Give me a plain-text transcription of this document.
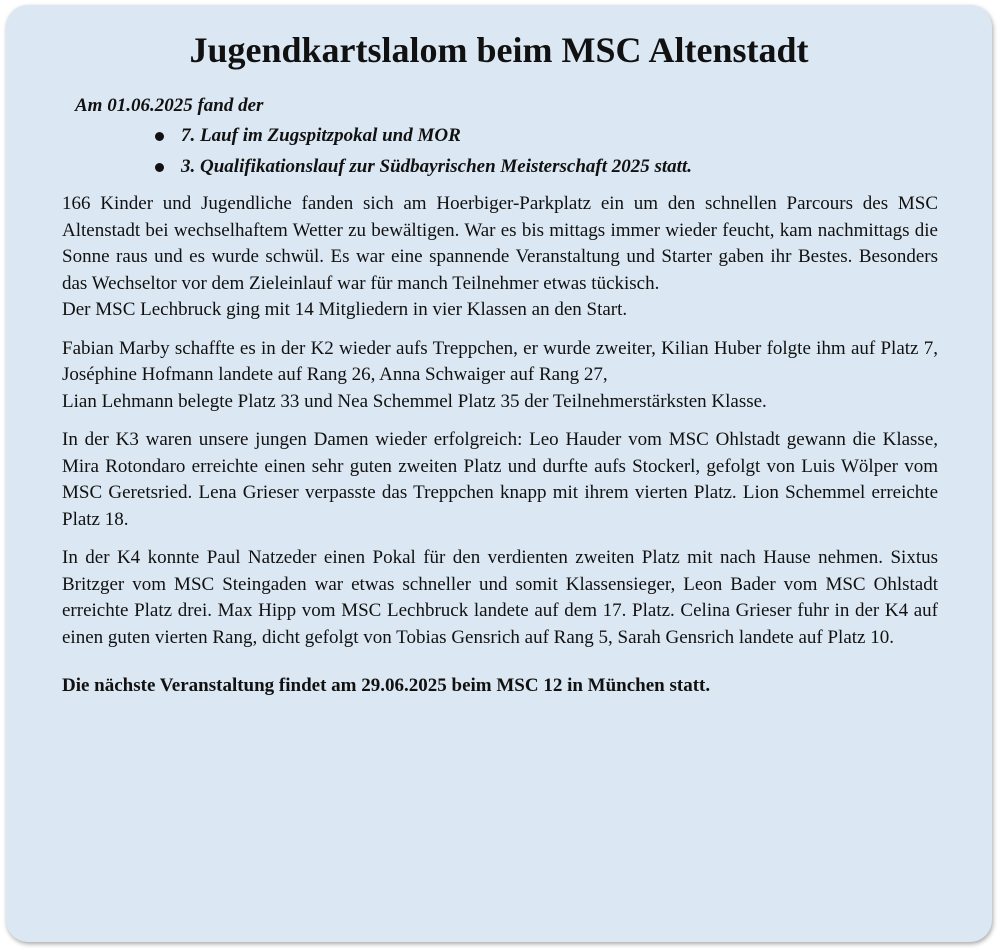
Jugendkartslalom beim MSC Altenstadt
Am 01.06.2025 fand der
7. Lauf im Zugspitzpokal und MOR
3. Qualifikationslauf zur Südbayrischen Meisterschaft 2025 statt.

166 Kinder und Jugendliche fanden sich am Hoerbiger-Parkplatz ein um den schnellen Parcours des MSC Altenstadt bei wechselhaftem Wetter zu bewältigen. War es bis mittags immer wieder feucht, kam nachmittags die Sonne raus und es wurde schwül. Es war eine spannende Veranstaltung und Starter gaben ihr Bestes. Besonders das Wechseltor vor dem Zieleinlauf war für manch Teilnehmer etwas tückisch.

Der MSC Lechbruck ging mit 14 Mitgliedern in vier Klassen an den Start.

Fabian Marby schaffte es in der K2 wieder aufs Treppchen, er wurde zweiter, Kilian Huber folgte ihm auf Platz 7, Joséphine Hofmann landete auf Rang 26, Anna Schwaiger auf Rang 27,

Lian Lehmann belegte Platz 33 und Nea Schemmel Platz 35 der Teilnehmerstärksten Klasse.

In der K3 waren unsere jungen Damen wieder erfolgreich: Leo Hauder vom MSC Ohlstadt gewann die Klasse, Mira Rotondaro erreichte einen sehr guten zweiten Platz und durfte aufs Stockerl, gefolgt von Luis Wölper vom MSC Geretsried. Lena Grieser verpasste das Treppchen knapp mit ihrem vierten Platz. Lion Schemmel erreichte Platz 18.

In der K4 konnte Paul Natzeder einen Pokal für den verdienten zweiten Platz mit nach Hause nehmen. Sixtus Britzger vom MSC Steingaden war etwas schneller und somit Klassensieger, Leon Bader vom MSC Ohlstadt erreichte Platz drei. Max Hipp vom MSC Lechbruck landete auf dem 17. Platz. Celina Grieser fuhr in der K4 auf einen guten vierten Rang, dicht gefolgt von Tobias Gensrich auf Rang 5, Sarah Gensrich landete auf Platz 10.

Die nächste Veranstaltung findet am 29.06.2025 beim MSC 12 in München statt.
